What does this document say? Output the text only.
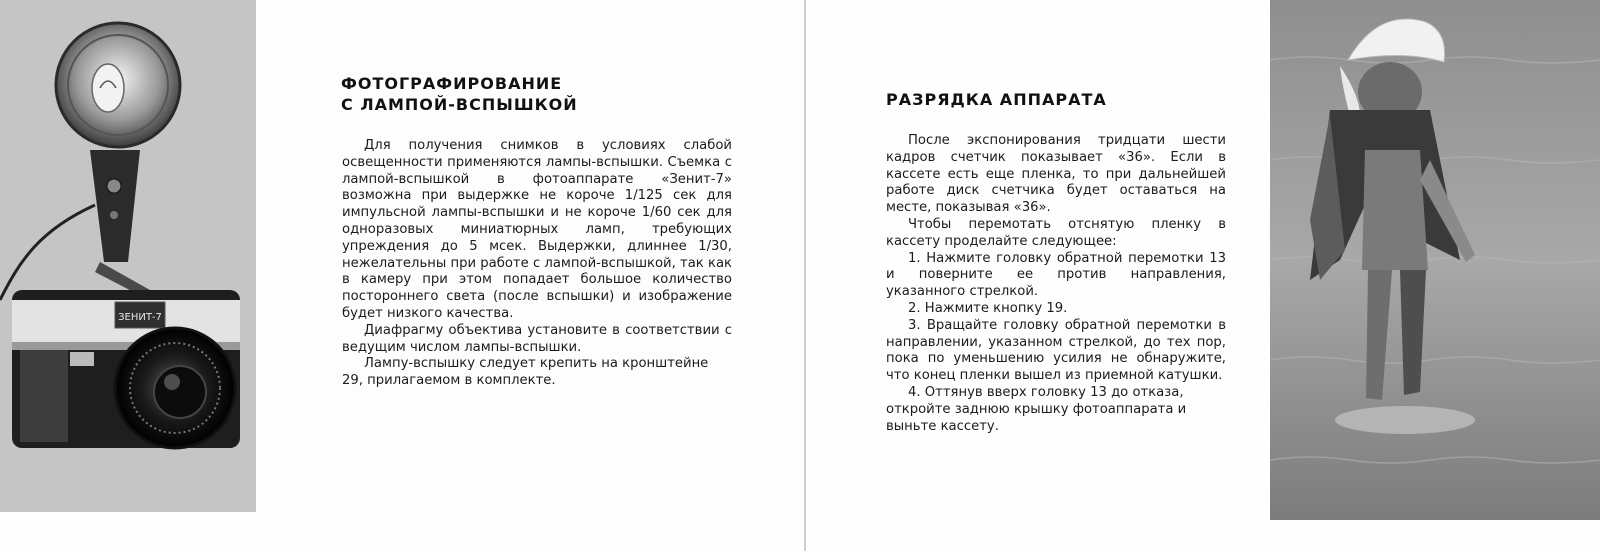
ЗЕНИТ-7
ФОТОГРАФИРОВАНИЕ
С ЛАМПОЙ-ВСПЫШКОЙ

Для получения снимков в условиях слабой освещенности применяются лампы-вспышки. Съемка с лампой-вспышкой в фотоаппарате «Зенит-7» возможна при выдержке не короче 1/125 сек для импульсной лампы-вспышки и не короче 1/60 сек для одноразовых миниатюрных ламп, требующих упреждения до 5 мсек. Выдержки, длиннее 1/30, нежелательны при работе с лампой-вспышкой, так как в камеру при этом попадает большое количество постороннего света (после вспышки) и изображение будет низкого качества.

Диафрагму объектива установите в соответствии с ведущим числом лампы-вспышки.

Лампу-вспышку следует крепить на кронштейне 29, прилагаемом в комплекте.

РАЗРЯДКА АППАРАТА

После экспонирования тридцати шести кадров счетчик показывает «36». Если в кассете есть еще пленка, то при дальнейшей работе диск счетчика будет оставаться на месте, показывая «36».

Чтобы перемотать отснятую пленку в кассету проделайте следующее:

1. Нажмите головку обратной перемотки 13 и поверните ее против направления, указанного стрелкой.

2. Нажмите кнопку 19.

3. Вращайте головку обратной перемотки в направлении, указанном стрелкой, до тех пор, пока по уменьшению усилия не обнаружите, что конец пленки вышел из приемной катушки.

4. Оттянув вверх головку 13 до отказа, откройте заднюю крышку фотоаппарата и выньте кассету.
